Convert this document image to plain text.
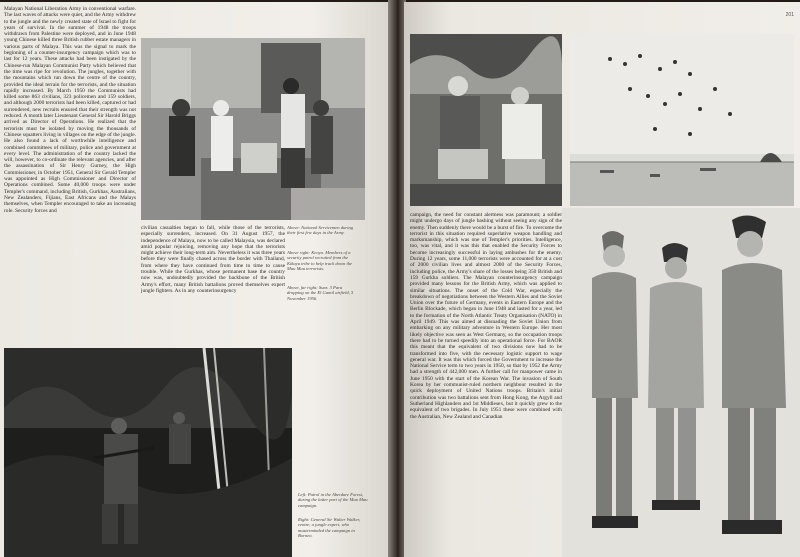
Malayan National Liberation Army in conventional warfare. The last waves of attacks were quiet, and the Army withdrew to the jungle and the newly created state of Israel to fight for years of survival. In the summer of 1948 the troops withdrawn from Palestine were deployed, and in June 1948 young Chinese killed three British rubber estate managers in various parts of Malaya. This was the signal to mark the beginning of a counter-insurgency campaign which was to last for 12 years. These attacks had been instigated by the Chinese-run Malayan Communist Party which believed that the time was ripe for revolution. The jungles, together with the mountains which run down the centre of the country, provided the ideal terrain for the terrorists, and the situation rapidly increased. By March 1950 the Communists had killed some 863 civilians, 323 policemen and 159 soldiers, and although 2000 terrorists had been killed, captured or had surrendered, new recruits ensured that their strength was not reduced. A month later Lieutenant General Sir Harold Briggs arrived as Director of Operations. He realized that the terrorists must be isolated by moving the thousands of Chinese squatters living in villages on the edge of the jungle. He also found a lack of worthwhile intelligence and combined committees of military, police and government at every level. The administration of the country lacked the will, however, to co-ordinate the relevant agencies, and after the assassination of Sir Henry Gurney, the High Commissioner, in October 1951, General Sir Gerald Templer was appointed as High Commissioner and Director of Operations combined. Some 40,000 troops were under Templer's command, including British, Gurkhas, Australians, New Zealanders, Fijians, East Africans and the Malays themselves, when Templer encouraged to take an increasing role. Security forces and

civilian casualties began to fall, while those of the terrorists, especially surrenders, increased. On 31 August 1957, the independence of Malaya, now to be called Malaysia, was declared amid popular rejoicing, removing any hope that the terrorists might achieve their long-term aim. Nevertheless it was three years before they were finally chased across the border with Thailand, from where they have continued from time to time to cause trouble. While the Gurkhas, whose permanent base the country now was, undoubtedly provided the backbone of the British Army's effort, many British battalions proved themselves expert jungle fighters. As in any counterinsurgency

Above: National Servicemen during their first few days in the Army.
Above right: Kenya. Members of a security patrol recruited from the Kikuyu tribe to help track down the Mau Mau terrorists.
Above, far right: Suez. 3 Para dropping on the El Gamil airfield, 5 November 1956.
Left: Patrol in the Aberdare Forest, during the latter part of the Mau Mau campaign.
Right: General Sir Walter Walker, centre, a jungle expert, who masterminded the campaign in Borneo.
201

campaign, the need for constant alertness was paramount; a soldier might undergo days of jungle bashing without seeing any sign of the enemy. Then suddenly there would be a burst of fire. To overcome the terrorist in this situation required superlative weapon handling and marksmanship, which was one of Templer's priorities. Intelligence, too, was vital, and it was this that enabled the Security Forces to become increasingly successful in laying ambushes for the enemy. During 12 years, some 11,000 terrorists were accounted for at a cost of 2000 civilian lives and almost 2000 of the Security Forces, including police, the Army's share of the losses being 350 British and 159 Gurkha soldiers. The Malayan counterinsurgency campaign provided many lessons for the British Army, which was applied to similar situations. The onset of the Cold War, especially the breakdown of negotiations between the Western Allies and the Soviet Union over the future of Germany, events in Eastern Europe and the Berlin Blockade, which began in June 1948 and lasted for a year, led to the formation of the North Atlantic Treaty Organisation (NATO) in April 1949. This was aimed at dissuading the Soviet Union from embarking on any military adventure in Western Europe. Her most likely objective was seen as West Germany, so the occupation troops there had to be turned speedily into an operational force. For BAOR this meant that the equivalent of two divisions now had to be transformed into five, with the necessary logistic support to wage general war. It was this which forced the Government to increase the National Service term to two years in 1950, so that by 1952 the Army had a strength of 442,000 men. A further call for manpower came in June 1950 with the start of the Korean War. The invasion of South Korea by her communist-ruled northern neighbour resulted in the quick deployment of United Nations troops. Britain's initial contribution was two battalions sent from Hong Kong, the Argyll and Sutherland Highlanders and 1st Middlesex, but it quickly grew to the equivalent of two brigades. In July 1951 these were combined with the Australian, New Zealand and Canadian
